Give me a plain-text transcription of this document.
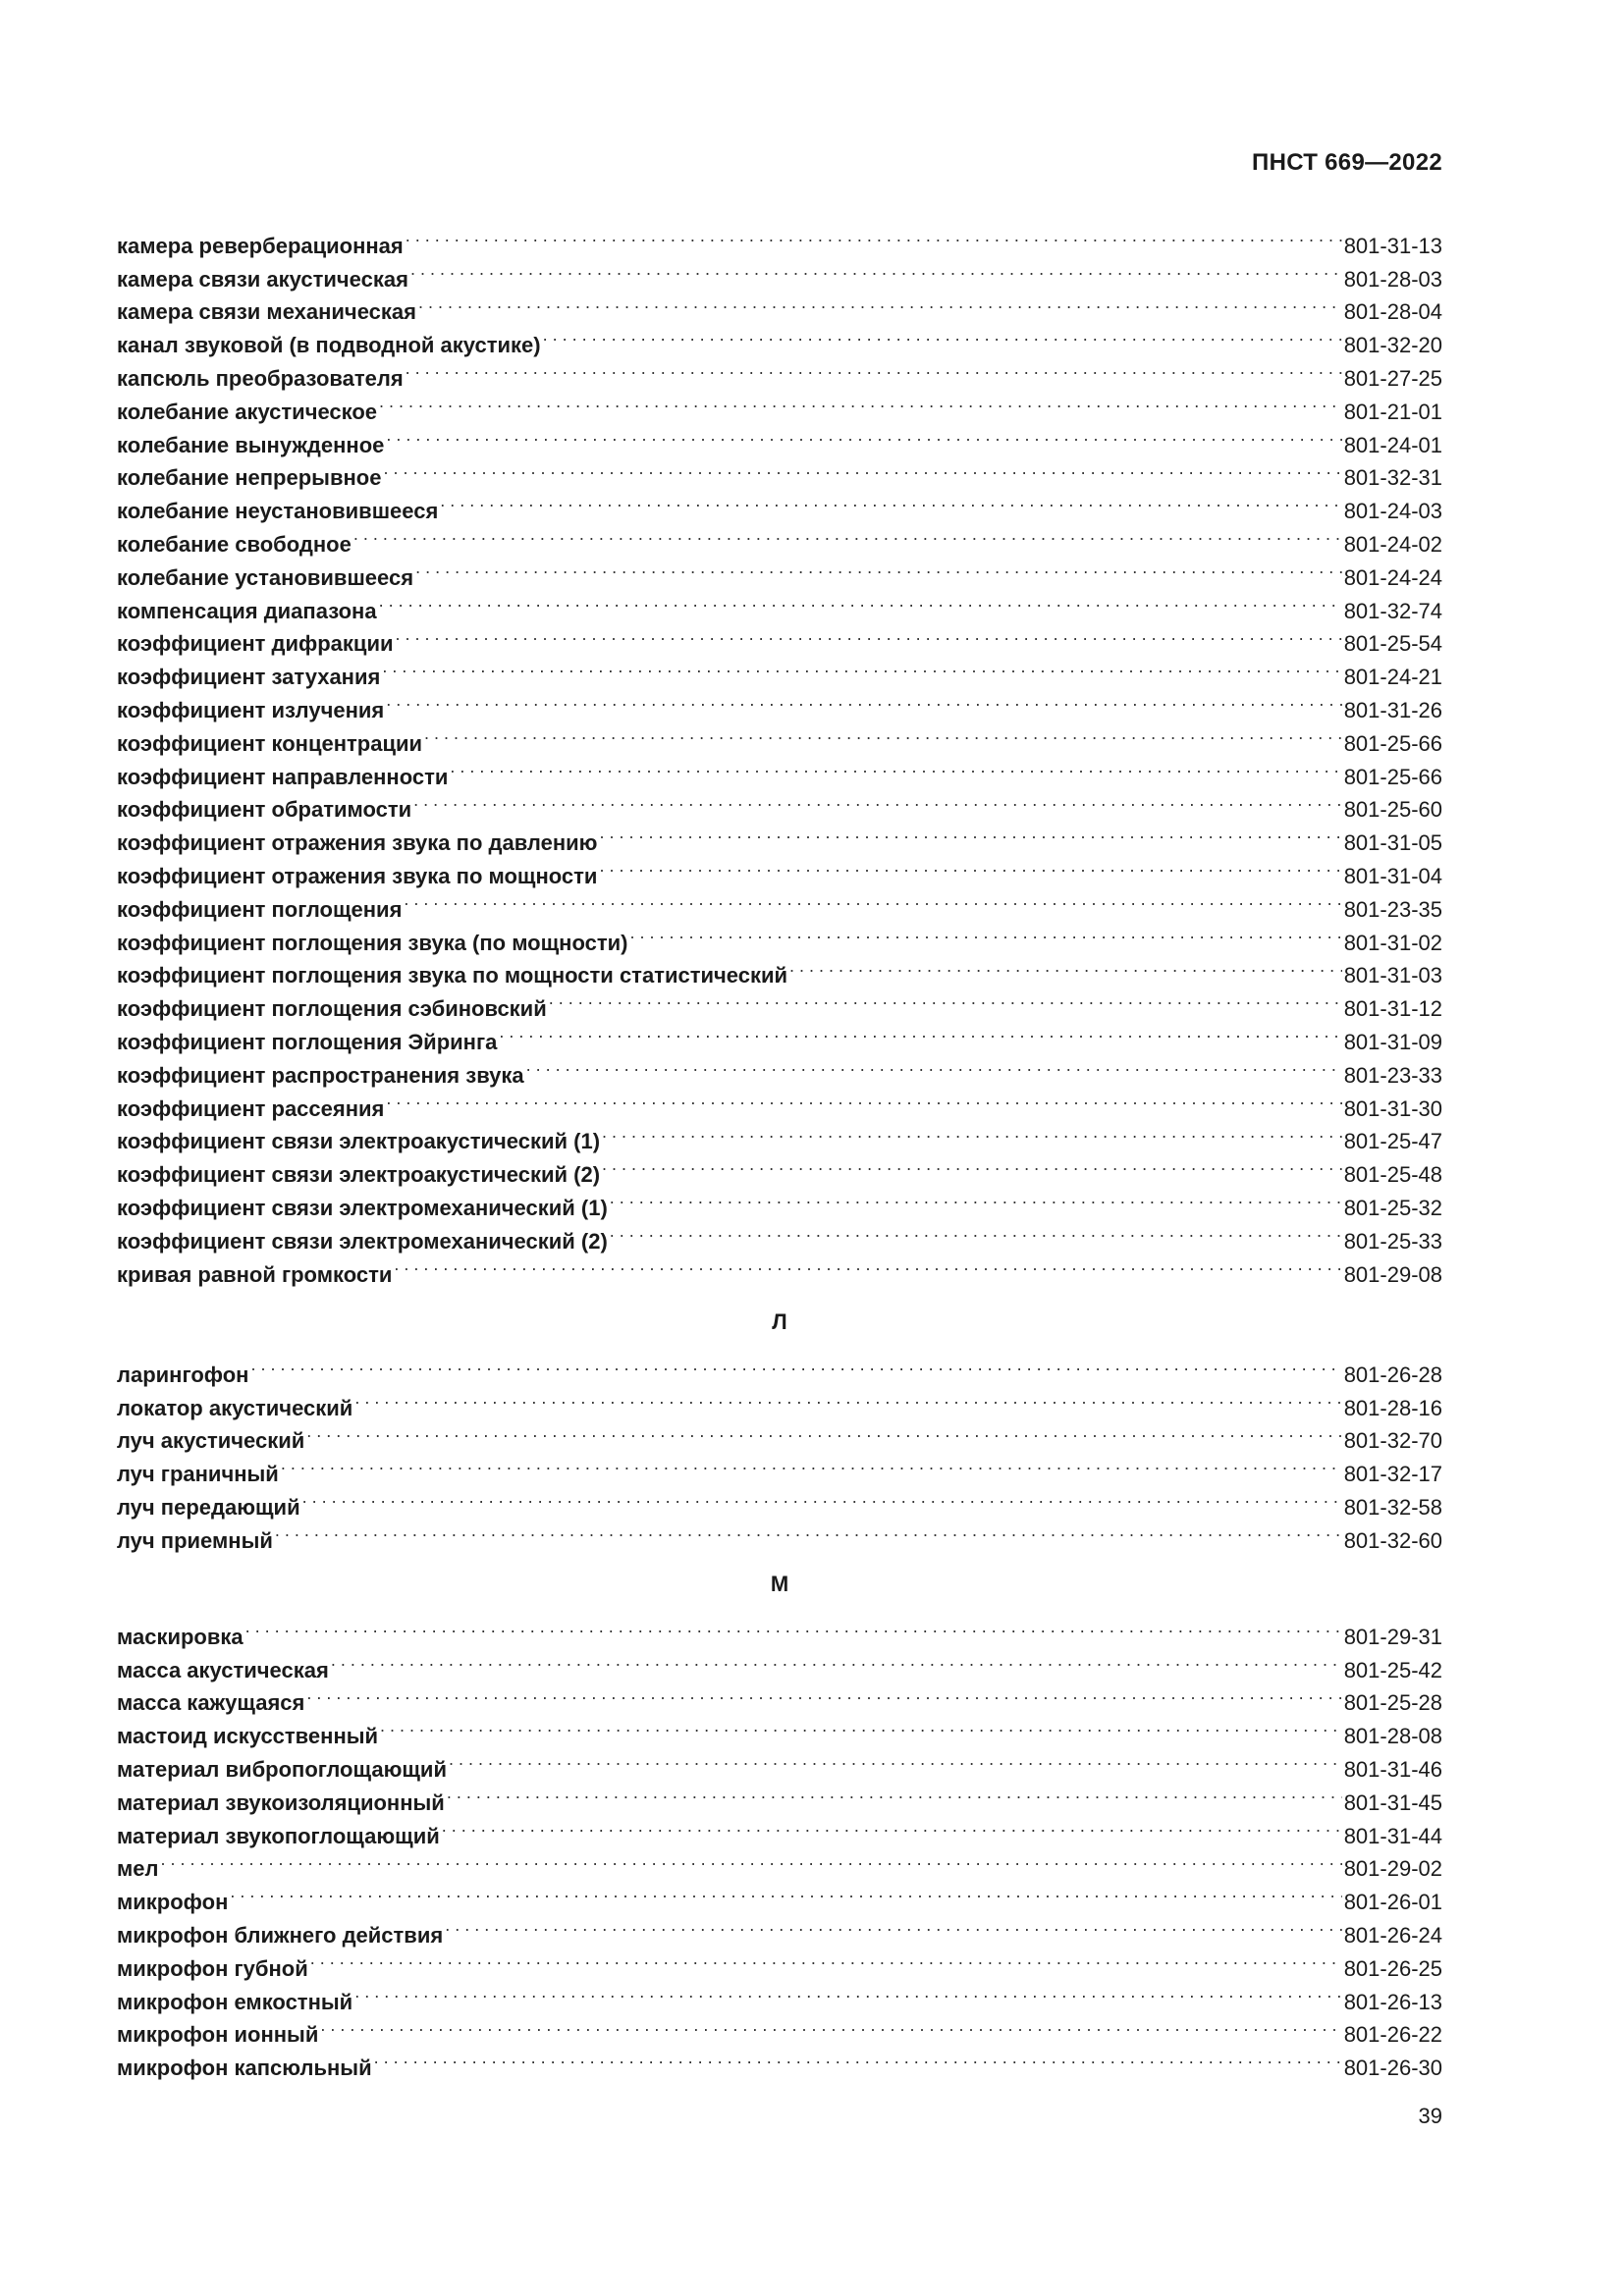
ПНСТ 669—2022
камера реверберационная . . .	801-31-13
камера связи акустическая . . .	801-28-03
камера связи механическая . . .	801-28-04
канал звуковой (в подводной акустике) . . .	801-32-20
капсюль преобразователя . . .	801-27-25
колебание акустическое . . .	801-21-01
колебание вынужденное . . .	801-24-01
колебание непрерывное . . .	801-32-31
колебание неустановившееся . . .	801-24-03
колебание свободное . . .	801-24-02
колебание установившееся . . .	801-24-24
компенсация диапазона . . .	801-32-74
коэффициент дифракции . . .	801-25-54
коэффициент затухания . . .	801-24-21
коэффициент излучения . . .	801-31-26
коэффициент концентрации . . .	801-25-66
коэффициент направленности . . .	801-25-66
коэффициент обратимости . . .	801-25-60
коэффициент отражения звука по давлению . . .	801-31-05
коэффициент отражения звука по мощности . . .	801-31-04
коэффициент поглощения . . .	801-23-35
коэффициент поглощения звука (по мощности) . . .	801-31-02
коэффициент поглощения звука по мощности статистический . . .	801-31-03
коэффициент поглощения сэбиновский . . .	801-31-12
коэффициент поглощения Эйринга . . .	801-31-09
коэффициент распространения звука . . .	801-23-33
коэффициент рассеяния . . .	801-31-30
коэффициент связи электроакустический (1) . . .	801-25-47
коэффициент связи электроакустический (2) . . .	801-25-48
коэффициент связи электромеханический (1) . . .	801-25-32
коэффициент связи электромеханический (2) . . .	801-25-33
кривая равной громкости . . .	801-29-08
Л
ларингофон . . .	801-26-28
локатор акустический . . .	801-28-16
луч акустический . . .	801-32-70
луч граничный . . .	801-32-17
луч передающий . . .	801-32-58
луч приемный . . .	801-32-60
М
маскировка . . .	801-29-31
масса акустическая . . .	801-25-42
масса кажущаяся . . .	801-25-28
мастоид искусственный . . .	801-28-08
материал вибропоглощающий . . .	801-31-46
материал звукоизоляционный . . .	801-31-45
материал звукопоглощающий . . .	801-31-44
мел . . .	801-29-02
микрофон . . .	801-26-01
микрофон ближнего действия . . .	801-26-24
микрофон губной . . .	801-26-25
микрофон емкостный . . .	801-26-13
микрофон ионный . . .	801-26-22
микрофон капсюльный . . .	801-26-30
39
